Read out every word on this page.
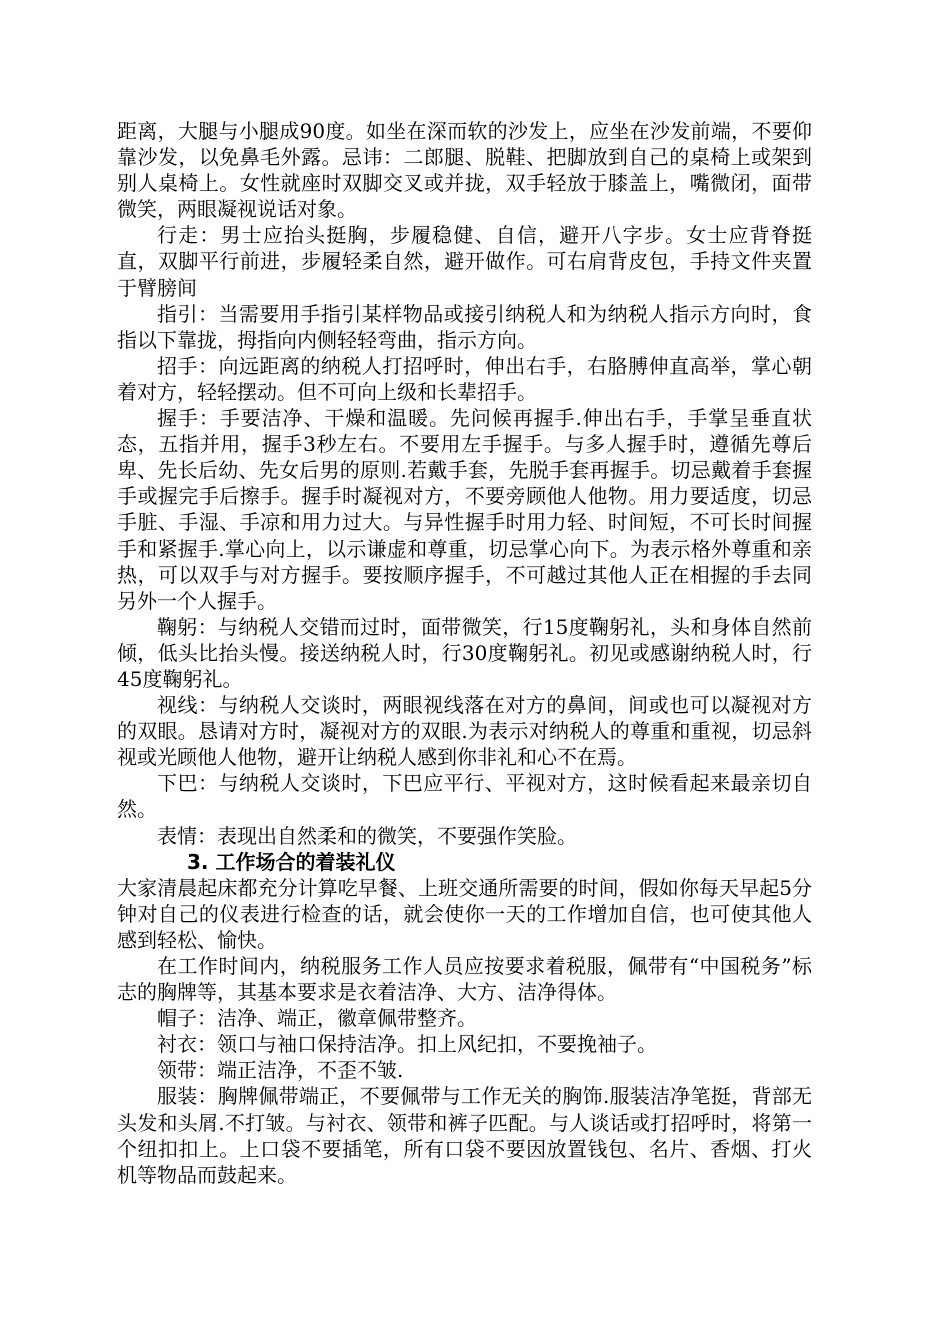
距离，大腿与小腿成90度。如坐在深而软的沙发上，应坐在沙发前端，不要仰靠沙发，以免鼻毛外露。忌讳：二郎腿、脱鞋、把脚放到自己的桌椅上或架到别人桌椅上。女性就座时双脚交叉或并拢，双手轻放于膝盖上，嘴微闭，面带微笑，两眼凝视说话对象。

行走：男士应抬头挺胸，步履稳健、自信，避开八字步。女士应背脊挺直，双脚平行前进，步履轻柔自然，避开做作。可右肩背皮包，手持文件夹置于臂膀间

指引：当需要用手指引某样物品或接引纳税人和为纳税人指示方向时，食指以下靠拢，拇指向内侧轻轻弯曲，指示方向。

招手：向远距离的纳税人打招呼时，伸出右手，右胳膊伸直高举，掌心朝着对方，轻轻摆动。但不可向上级和长辈招手。

握手：手要洁净、干燥和温暖。先问候再握手.伸出右手，手掌呈垂直状态，五指并用，握手3秒左右。不要用左手握手。与多人握手时，遵循先尊后卑、先长后幼、先女后男的原则.若戴手套，先脱手套再握手。切忌戴着手套握手或握完手后擦手。握手时凝视对方，不要旁顾他人他物。用力要适度，切忌手脏、手湿、手凉和用力过大。与异性握手时用力轻、时间短，不可长时间握手和紧握手.掌心向上，以示谦虚和尊重，切忌掌心向下。为表示格外尊重和亲热，可以双手与对方握手。要按顺序握手，不可越过其他人正在相握的手去同另外一个人握手。

鞠躬：与纳税人交错而过时，面带微笑，行15度鞠躬礼，头和身体自然前倾，低头比抬头慢。接送纳税人时，行30度鞠躬礼。初见或感谢纳税人时，行45度鞠躬礼。

视线：与纳税人交谈时，两眼视线落在对方的鼻间，间或也可以凝视对方的双眼。恳请对方时，凝视对方的双眼.为表示对纳税人的尊重和重视，切忌斜视或光顾他人他物，避开让纳税人感到你非礼和心不在焉。

下巴：与纳税人交谈时，下巴应平行、平视对方，这时候看起来最亲切自然。

表情：表现出自然柔和的微笑，不要强作笑脸。

3. 工作场合的着装礼仪

大家清晨起床都充分计算吃早餐、上班交通所需要的时间，假如你每天早起5分钟对自己的仪表进行检查的话，就会使你一天的工作增加自信，也可使其他人感到轻松、愉快。

在工作时间内，纳税服务工作人员应按要求着税服，佩带有“中国税务”标志的胸牌等，其基本要求是衣着洁净、大方、洁净得体。

帽子：洁净、端正，徽章佩带整齐。

衬衣：领口与袖口保持洁净。扣上风纪扣，不要挽袖子。

领带：端正洁净，不歪不皱.

服装：胸牌佩带端正，不要佩带与工作无关的胸饰.服装洁净笔挺，背部无头发和头屑.不打皱。与衬衣、领带和裤子匹配。与人谈话或打招呼时，将第一个纽扣扣上。上口袋不要插笔，所有口袋不要因放置钱包、名片、香烟、打火机等物品而鼓起来。
